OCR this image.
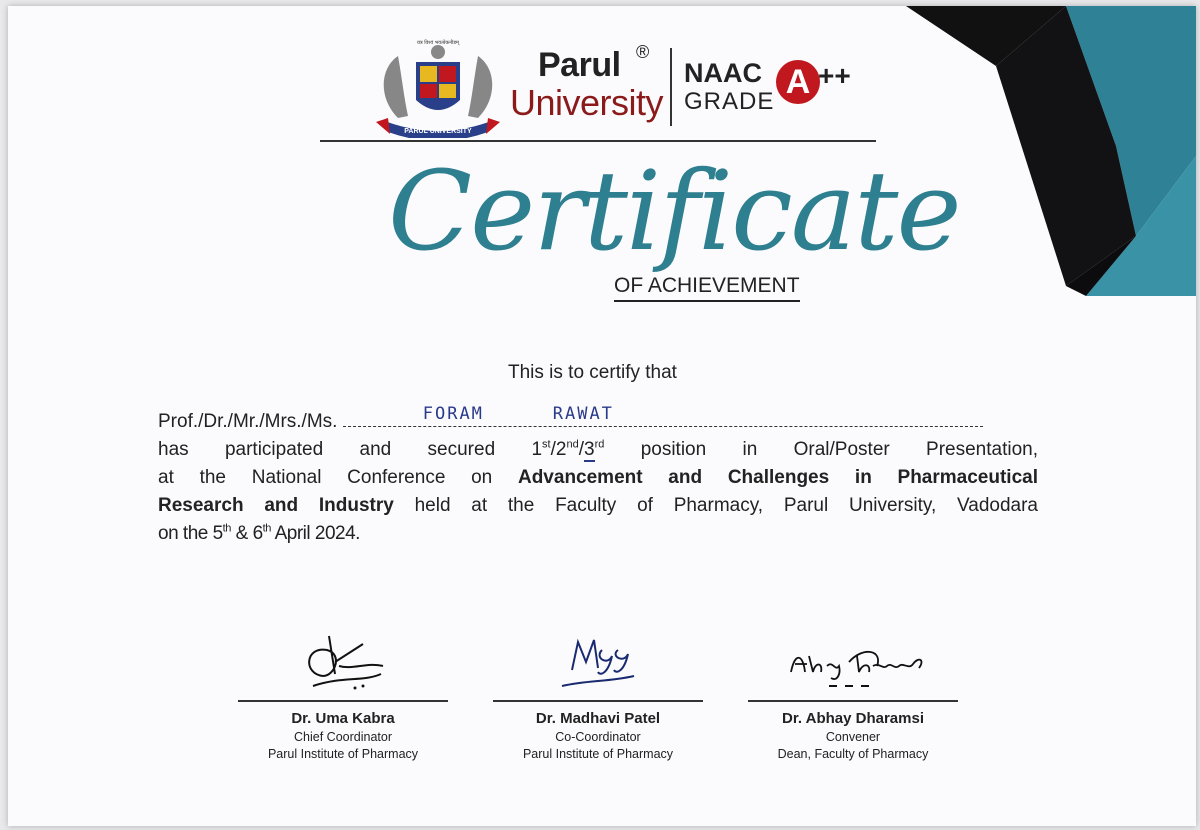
PARUL UNIVERSITY
यत्र विश्वं भवत्येकनीडम्
Parul ®
University
NAAC
GRADE
A ++
Certificate
OF ACHIEVEMENT
This is to certify that

Prof./Dr./Mr./Mrs./Ms.	FORAM	RAWAT

has participated and secured 1st/2nd/3rd position in Oral/Poster Presentation,

at the National Conference on Advancement and Challenges in Pharmaceutical

Research and Industry held at the Faculty of Pharmacy, Parul University, Vadodara

on the 5th & 6th April 2024.

Dr. Uma Kabra
Chief Coordinator
Parul Institute of Pharmacy
Dr. Madhavi Patel
Co-Coordinator
Parul Institute of Pharmacy
Dr. Abhay Dharamsi
Convener
Dean, Faculty of Pharmacy
